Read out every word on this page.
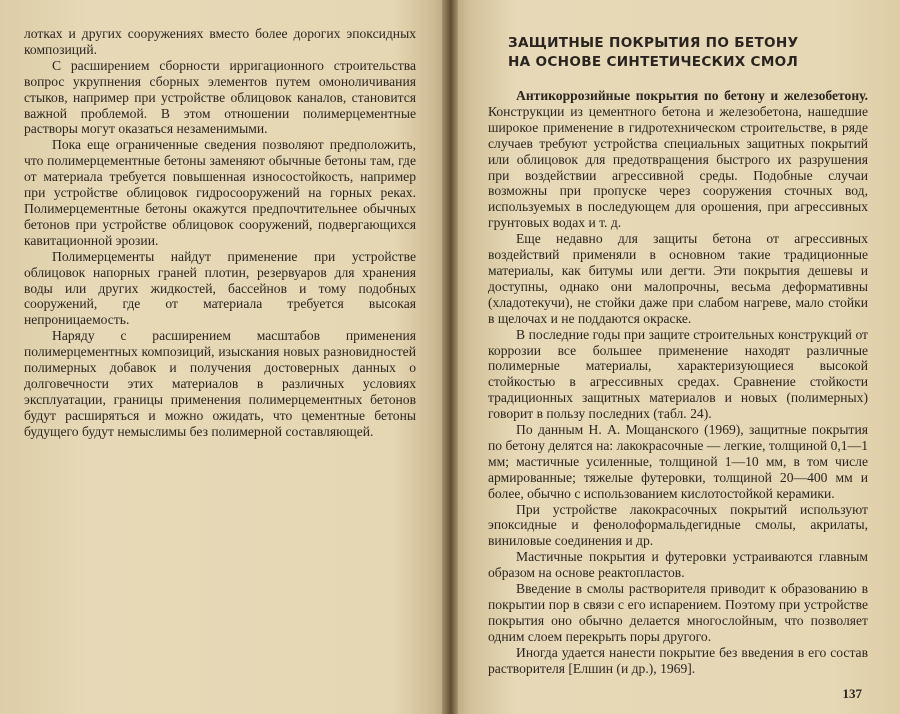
лотках и других сооружениях вместо более дорогих эпоксидных композиций.

С расширением сборности ирригационного строительства вопрос укрупнения сборных элементов путем омоноличивания стыков, например при устройстве облицовок каналов, становится важной проблемой. В этом отношении полимерцементные растворы могут оказаться незаменимыми.

Пока еще ограниченные сведения позволяют предположить, что полимерцементные бетоны заменяют обычные бетоны там, где от материала требуется повышенная износостойкость, например при устройстве облицовок гидросооружений на горных реках. Полимерцементные бетоны окажутся предпочтительнее обычных бетонов при устройстве облицовок сооружений, подвергающихся кавитационной эрозии.

Полимерцементы найдут применение при устройстве облицовок напорных граней плотин, резервуаров для хранения воды или других жидкостей, бассейнов и тому подобных сооружений, где от материала требуется высокая непроницаемость.

Наряду с расширением масштабов применения полимерцементных композиций, изыскания новых разновидностей полимерных добавок и получения достоверных данных о долговечности этих материалов в различных условиях эксплуатации, границы применения полимерцементных бетонов будут расширяться и можно ожидать, что цементные бетоны будущего будут немыслимы без полимерной составляющей.

ЗАЩИТНЫЕ ПОКРЫТИЯ ПО БЕТОНУ
НА ОСНОВЕ СИНТЕТИЧЕСКИХ СМОЛ

Антикоррозийные покрытия по бетону и железобетону. Конструкции из цементного бетона и железобетона, нашедшие широкое применение в гидротехническом строительстве, в ряде случаев требуют устройства специальных защитных покрытий или облицовок для предотвращения быстрого их разрушения при воздействии агрессивной среды. Подобные случаи возможны при пропуске через сооружения сточных вод, используемых в последующем для орошения, при агрессивных грунтовых водах и т. д.

Еще недавно для защиты бетона от агрессивных воздействий применяли в основном такие традиционные материалы, как битумы или дегти. Эти покрытия дешевы и доступны, однако они малопрочны, весьма деформативны (хладотекучи), не стойки даже при слабом нагреве, мало стойки в щелочах и не поддаются окраске.

В последние годы при защите строительных конструкций от коррозии все большее применение находят различные полимерные материалы, характеризующиеся высокой стойкостью в агрессивных средах. Сравнение стойкости традиционных защитных материалов и новых (полимерных) говорит в пользу последних (табл. 24).

По данным Н. А. Мощанского (1969), защитные покрытия по бетону делятся на: лакокрасочные — легкие, толщиной 0,1—1 мм; мастичные усиленные, толщиной 1—10 мм, в том числе армированные; тяжелые футеровки, толщиной 20—400 мм и более, обычно с использованием кислотостойкой керамики.

При устройстве лакокрасочных покрытий используют эпоксидные и фенолоформальдегидные смолы, акрилаты, виниловые соединения и др.

Мастичные покрытия и футеровки устраиваются главным образом на основе реактопластов.

Введение в смолы растворителя приводит к образованию в покрытии пор в связи с его испарением. Поэтому при устройстве покрытия оно обычно делается многослойным, что позволяет одним слоем перекрыть поры другого.

Иногда удается нанести покрытие без введения в его состав растворителя [Елшин (и др.), 1969].

137
